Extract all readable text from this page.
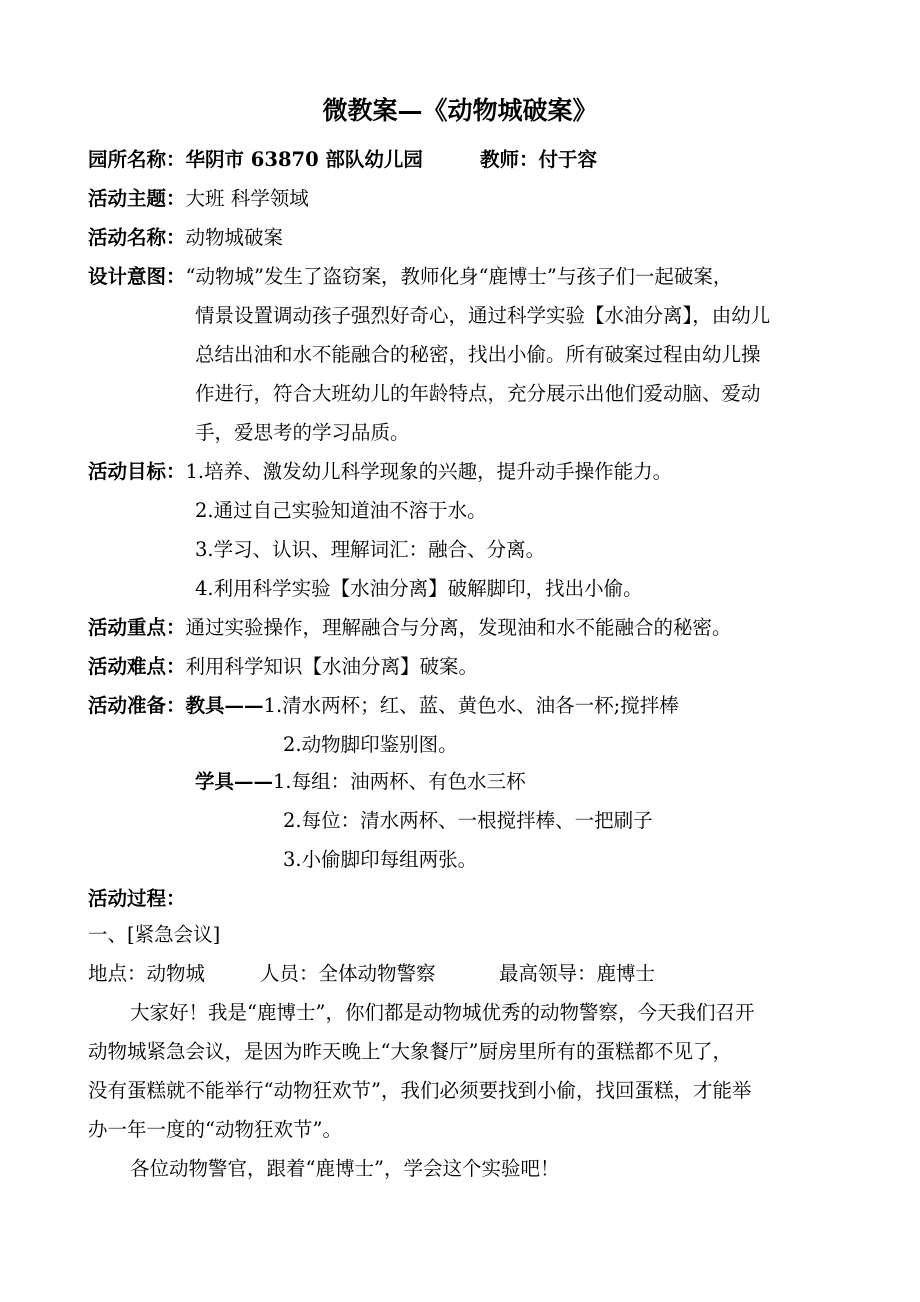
微教案—《动物城破案》
园所名称：华阴市 63870 部队幼儿园	教师：付于容
活动主题：大班 科学领域
活动名称：动物城破案
设计意图：“动物城”发生了盗窃案，教师化身“鹿博士”与孩子们一起破案，
情景设置调动孩子强烈好奇心，通过科学实验【水油分离】，由幼儿
总结出油和水不能融合的秘密，找出小偷。所有破案过程由幼儿操
作进行，符合大班幼儿的年龄特点，充分展示出他们爱动脑、爱动
手，爱思考的学习品质。
活动目标：1.培养、激发幼儿科学现象的兴趣，提升动手操作能力。
2.通过自己实验知道油不溶于水。
3.学习、认识、理解词汇：融合、分离。
4.利用科学实验【水油分离】破解脚印，找出小偷。
活动重点：通过实验操作，理解融合与分离，发现油和水不能融合的秘密。
活动难点：利用科学知识【水油分离】破案。
活动准备：教具——1.清水两杯；红、蓝、黄色水、油各一杯;搅拌棒
2.动物脚印鉴别图。
学具——1.每组：油两杯、有色水三杯
2.每位：清水两杯、一根搅拌棒、一把刷子
3.小偷脚印每组两张。
活动过程：
一、[紧急会议]
地点：动物城	人员：全体动物警察	最高领导：鹿博士
大家好！我是“鹿博士”，你们都是动物城优秀的动物警察，今天我们召开
动物城紧急会议，是因为昨天晚上“大象餐厅”厨房里所有的蛋糕都不见了，
没有蛋糕就不能举行“动物狂欢节”，我们必须要找到小偷，找回蛋糕，才能举
办一年一度的“动物狂欢节”。
各位动物警官，跟着“鹿博士”，学会这个实验吧！
